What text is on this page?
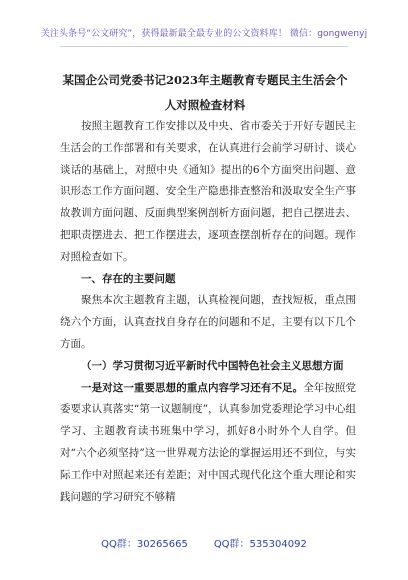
关注头条号“公文研究”，获得最新最全最专业的公文资料库！ 微信：gongwenyj
某国企公司党委书记2023年主题教育专题民主生活会个人对照检查材料

按照主题教育工作安排以及中央、省市委关于开好专题民主生活会的工作部署和有关要求，在认真进行会前学习研讨、谈心谈话的基础上，对照中央《通知》提出的6个方面突出问题、意识形态工作方面问题、安全生产隐患排查整治和汲取安全生产事故教训方面问题、反面典型案例剖析方面问题，把自己摆进去、把职责摆进去、把工作摆进去，逐项查摆剖析存在的问题。现作对照检查如下。

一、存在的主要问题

聚焦本次主题教育主题，认真检视问题，查找短板，重点围绕六个方面，认真查找自身存在的问题和不足，主要有以下几个方面。

（一）学习贯彻习近平新时代中国特色社会主义思想方面

一是对这一重要思想的重点内容学习还有不足。全年按照党委要求认真落实“第一议题制度”，认真参加党委理论学习中心组学习、主题教育读书班集中学习，抓好8小时外个人自学。但对“六个必须坚持”这一世界观方法论的掌握运用还不到位，与实际工作中对照起来还有差距；对中国式现代化这个重大理论和实践问题的学习研究不够精

QQ群：30265665	QQ群：535304092
